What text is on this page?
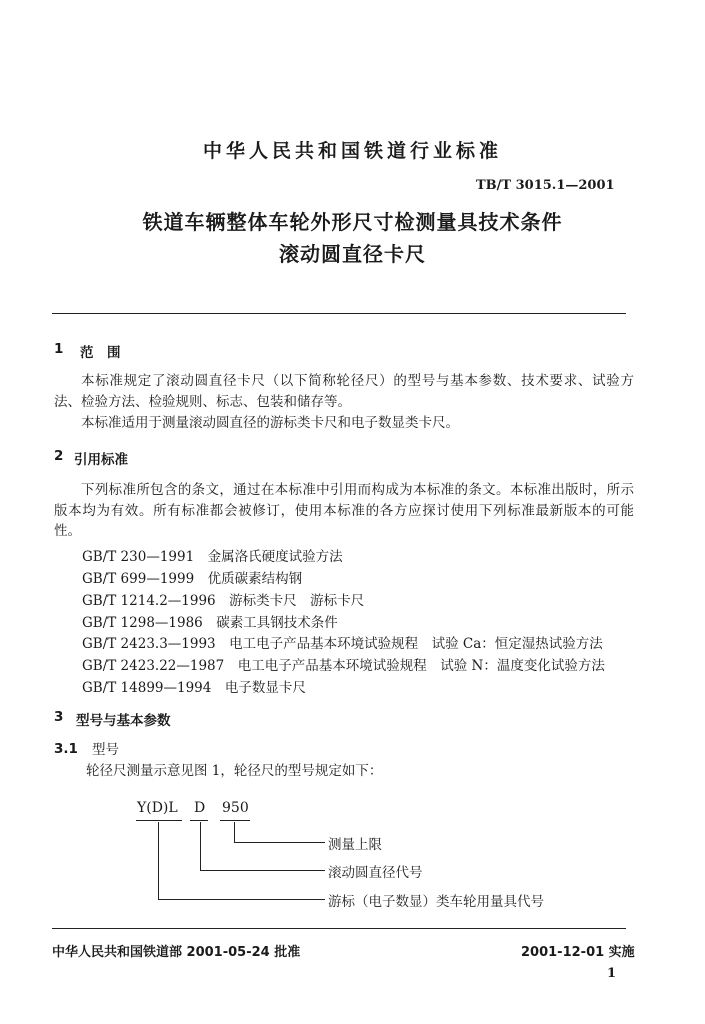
中华人民共和国铁道行业标准
TB/T 3015.1—2001
铁道车辆整体车轮外形尺寸检测量具技术条件
滚动圆直径卡尺
1 范　围
本标准规定了滚动圆直径卡尺（以下简称轮径尺）的型号与基本参数、技术要求、试验方法、检验方法、检验规则、标志、包装和储存等。
本标准适用于测量滚动圆直径的游标类卡尺和电子数显类卡尺。
2 引用标准
下列标准所包含的条文，通过在本标准中引用而构成为本标准的条文。本标准出版时，所示版本均为有效。所有标准都会被修订，使用本标准的各方应探讨使用下列标准最新版本的可能性。
GB/T 230—1991　金属洛氏硬度试验方法
GB/T 699—1999　优质碳素结构钢
GB/T 1214.2—1996　游标类卡尺　游标卡尺
GB/T 1298—1986　碳素工具钢技术条件
GB/T 2423.3—1993　电工电子产品基本环境试验规程　试验 Ca：恒定湿热试验方法
GB/T 2423.22—1987　电工电子产品基本环境试验规程　试验 N：温度变化试验方法
GB/T 14899—1994　电子数显卡尺
3 型号与基本参数
3.1 型号
轮径尺测量示意见图 1，轮径尺的型号规定如下：
Y(D)L D 950
测量上限
滚动圆直径代号
游标（电子数显）类车轮用量具代号
中华人民共和国铁道部 2001-05-24 批准	2001-12-01 实施
1
